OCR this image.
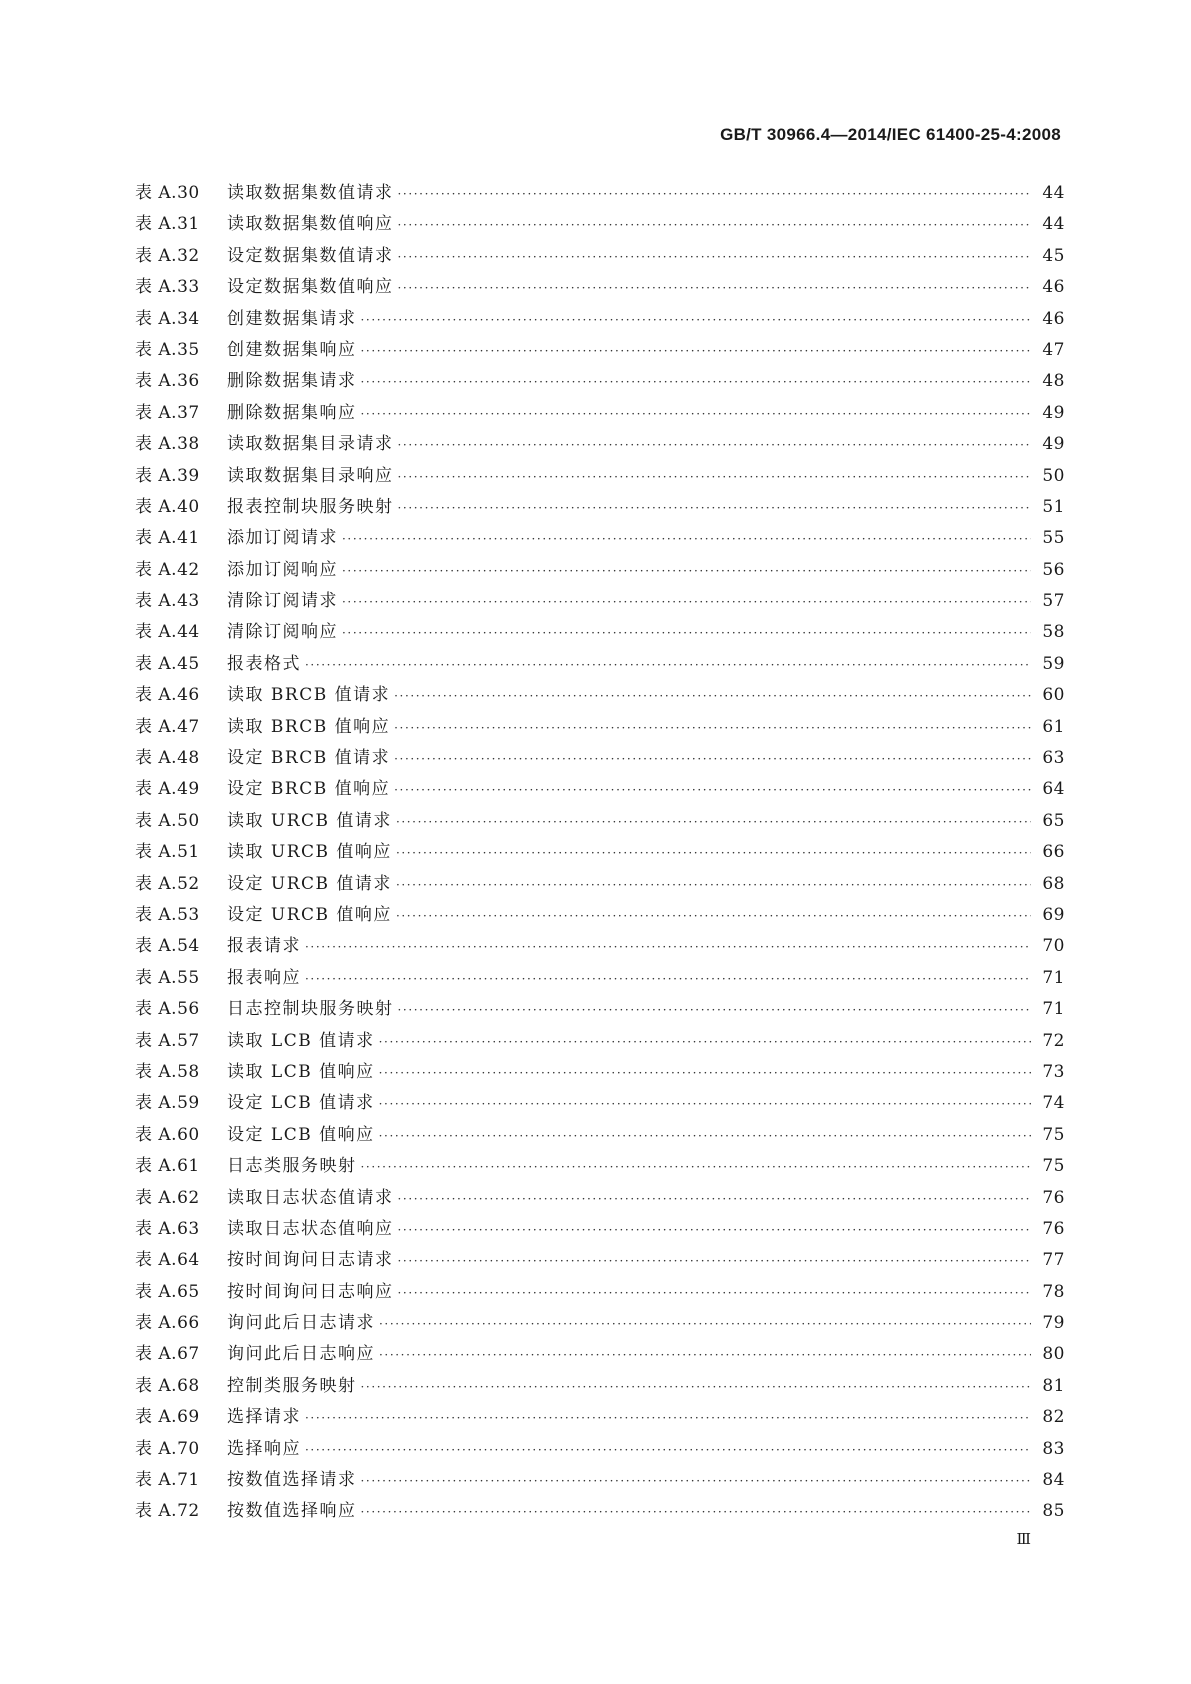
GB/T 30966.4—2014/IEC 61400-25-4:2008
表 A.30	读取数据集数值请求 ·····	44
表 A.31	读取数据集数值响应 ·····	44
表 A.32	设定数据集数值请求 ·····	45
表 A.33	设定数据集数值响应 ·····	46
表 A.34	创建数据集请求 ·····	46
表 A.35	创建数据集响应 ·····	47
表 A.36	删除数据集请求 ·····	48
表 A.37	删除数据集响应 ·····	49
表 A.38	读取数据集目录请求 ·····	49
表 A.39	读取数据集目录响应 ·····	50
表 A.40	报表控制块服务映射 ·····	51
表 A.41	添加订阅请求 ·····	55
表 A.42	添加订阅响应 ·····	56
表 A.43	清除订阅请求 ·····	57
表 A.44	清除订阅响应 ·····	58
表 A.45	报表格式 ·····	59
表 A.46	读取 BRCB 值请求 ·····	60
表 A.47	读取 BRCB 值响应 ·····	61
表 A.48	设定 BRCB 值请求 ·····	63
表 A.49	设定 BRCB 值响应 ·····	64
表 A.50	读取 URCB 值请求 ·····	65
表 A.51	读取 URCB 值响应 ·····	66
表 A.52	设定 URCB 值请求 ·····	68
表 A.53	设定 URCB 值响应 ·····	69
表 A.54	报表请求 ·····	70
表 A.55	报表响应 ·····	71
表 A.56	日志控制块服务映射 ·····	71
表 A.57	读取 LCB 值请求 ·····	72
表 A.58	读取 LCB 值响应 ·····	73
表 A.59	设定 LCB 值请求 ·····	74
表 A.60	设定 LCB 值响应 ·····	75
表 A.61	日志类服务映射 ·····	75
表 A.62	读取日志状态值请求 ·····	76
表 A.63	读取日志状态值响应 ·····	76
表 A.64	按时间询问日志请求 ·····	77
表 A.65	按时间询问日志响应 ·····	78
表 A.66	询问此后日志请求 ·····	79
表 A.67	询问此后日志响应 ·····	80
表 A.68	控制类服务映射 ·····	81
表 A.69	选择请求 ·····	82
表 A.70	选择响应 ·····	83
表 A.71	按数值选择请求 ·····	84
表 A.72	按数值选择响应 ·····	85
Ⅲ
